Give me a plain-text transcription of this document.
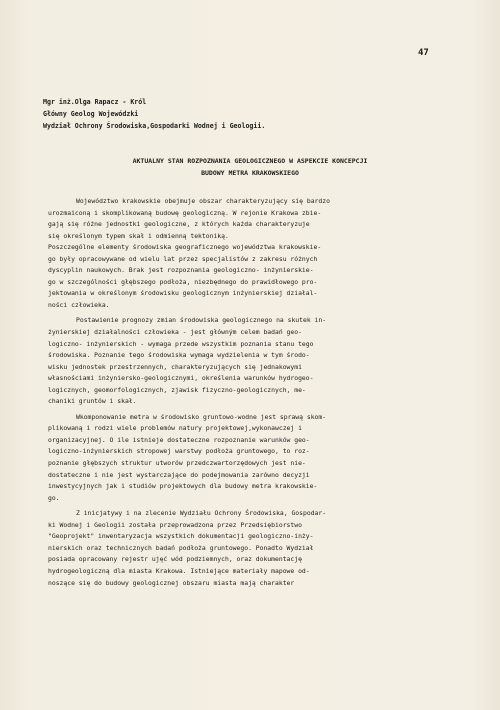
47
Mgr inż.Olga Rapacz - Król
Główny Geolog Wojewódzki
Wydział Ochrony Środowiska,Gospodarki Wodnej i Geologii.
AKTUALNY STAN ROZPOZNANIA GEOLOGICZNEGO W ASPEKCIE KONCEPCJI
BUDOWY METRA KRAKOWSKIEGO
Województwo krakowskie obejmuje obszar charakteryzujący się bardzo
urozmaiconą i skomplikowaną budowę geologiczną. W rejonie Krakowa zbie-
gają się różne jednostki geologiczne, z których każda charakteryzuje
się określonym typem skał i odmienną tektoniką.
Poszczególne elementy środowiska geograficznego województwa krakowskie-
go były opracowywane od wielu lat przez specjalistów z zakresu różnych
dyscyplin naukowych. Brak jest rozpoznania geologiczno- inżynierskie-
go w szczególności głębszego podłoża, niezbędnego do prawidłowego pro-
jektowania w określonym środowisku geologicznym inżynierskiej działal-
ności człowieka.
Postawienie prognozy zmian środowiska geologicznego na skutek in-
żynierskiej działalności człowieka - jest główným celem badań geo-
logiczno- inżynierskich - wymaga przede wszystkim poznania stanu tego
środowiska. Poznanie tego środowiska wymaga wydzielenia w tym środo-
wisku jednostek przestrzennych, charakteryzujących się jednakowymi
własnościami inżyniersko-geologicznymi, określenia warunków hydrogeo-
logicznych, geomorfologicznych, zjawisk fizyczno-geologicznych, me-
chaniki gruntów i skał.
Wkomponowanie metra w środowisko gruntowo-wodne jest sprawą skom-
plikowaną i rodzi wiele problemów natury projektowej,wykonawczej i
organizacyjnej. O ile istnieje dostateczne rozpoznanie warunków geo-
logiczno-inżynierskich stropowej warstwy podłoża gruntowego, to roz-
poznanie głębszych struktur utworów przedczwartorzędowych jest nie-
dostateczne i nie jest wystarczające do podejmowania zarówno decyzji
inwestycyjnych jak i studiów projektowych dla budowy metra krakowskie-
go.
Z inicjatywy i na zlecenie Wydziału Ochrony Środowiska, Gospodar-
ki Wodnej i Geologii została przeprowadzona przez Przedsiębiorstwo
"Geoprojekt" inwentaryzacja wszystkich dokumentacji geologiczno-inży-
nierskich oraz technicznych badań podłoża gruntowego. Ponadto Wydział
posiada opracowany rejestr ujęć wód podziemnych, oraz dokumentację
hydrogeologiczną dla miasta Krakowa. Istniejące materiały mapowe od-
noszące się do budowy geologicznej obszaru miasta mają charakter
